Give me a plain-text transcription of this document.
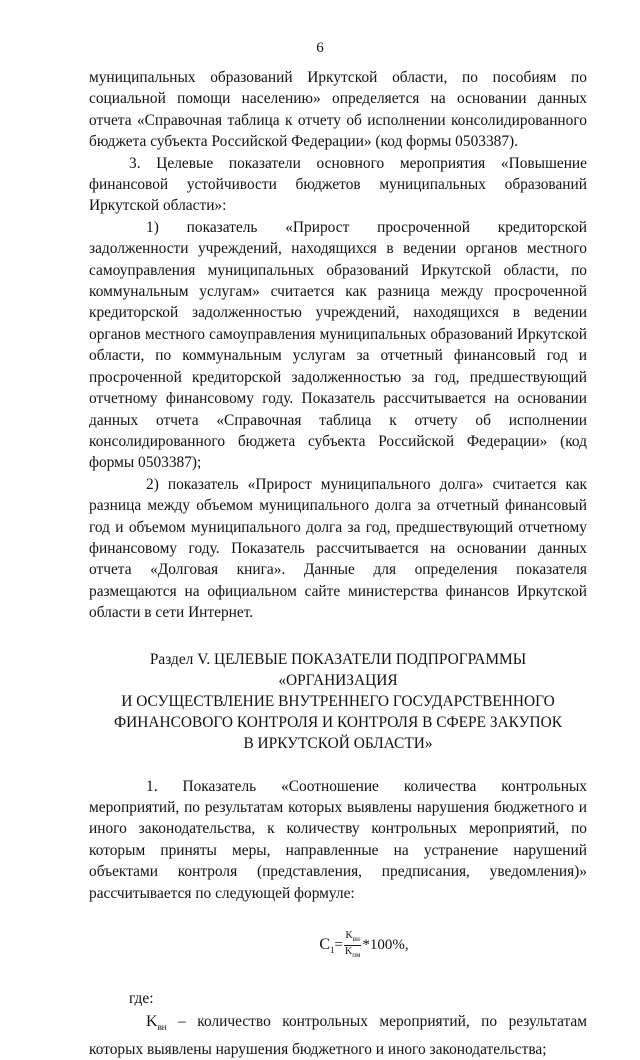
6

муниципальных образований Иркутской области, по пособиям по социальной помощи населению» определяется на основании данных отчета «Справочная таблица к отчету об исполнении консолидированного бюджета субъекта Российской Федерации» (код формы 0503387).

3. Целевые показатели основного мероприятия «Повышение финансовой устойчивости бюджетов муниципальных образований Иркутской области»:

1) показатель «Прирост просроченной кредиторской задолженности учреждений, находящихся в ведении органов местного самоуправления муниципальных образований Иркутской области, по коммунальным услугам» считается как разница между просроченной кредиторской задолженностью учреждений, находящихся в ведении органов местного самоуправления муниципальных образований Иркутской области, по коммунальным услугам за отчетный финансовый год и просроченной кредиторской задолженностью за год, предшествующий отчетному финансовому году. Показатель рассчитывается на основании данных отчета «Справочная таблица к отчету об исполнении консолидированного бюджета субъекта Российской Федерации» (код формы 0503387);

2) показатель «Прирост муниципального долга» считается как разница между объемом муниципального долга за отчетный финансовый год и объемом муниципального долга за год, предшествующий отчетному финансовому году. Показатель рассчитывается на основании данных отчета «Долговая книга». Данные для определения показателя размещаются на официальном сайте министерства финансов Иркутской области в сети Интернет.

Раздел V. ЦЕЛЕВЫЕ ПОКАЗАТЕЛИ ПОДПРОГРАММЫ «ОРГАНИЗАЦИЯ
И ОСУЩЕСТВЛЕНИЕ ВНУТРЕННЕГО ГОСУДАРСТВЕННОГО
ФИНАНСОВОГО КОНТРОЛЯ И КОНТРОЛЯ В СФЕРЕ ЗАКУПОК
В ИРКУТСКОЙ ОБЛАСТИ»

1. Показатель «Соотношение количества контрольных мероприятий, по результатам которых выявлены нарушения бюджетного и иного законодательства, к количеству контрольных мероприятий, по которым приняты меры, направленные на устранение нарушений объектами контроля (представления, предписания, уведомления)» рассчитывается по следующей формуле:

$C_1= \frac{K_{вн}}{K_{пм}} *100\%$,

где:

$K_{вн}$ – количество контрольных мероприятий, по результатам которых выявлены нарушения бюджетного и иного законодательства;
